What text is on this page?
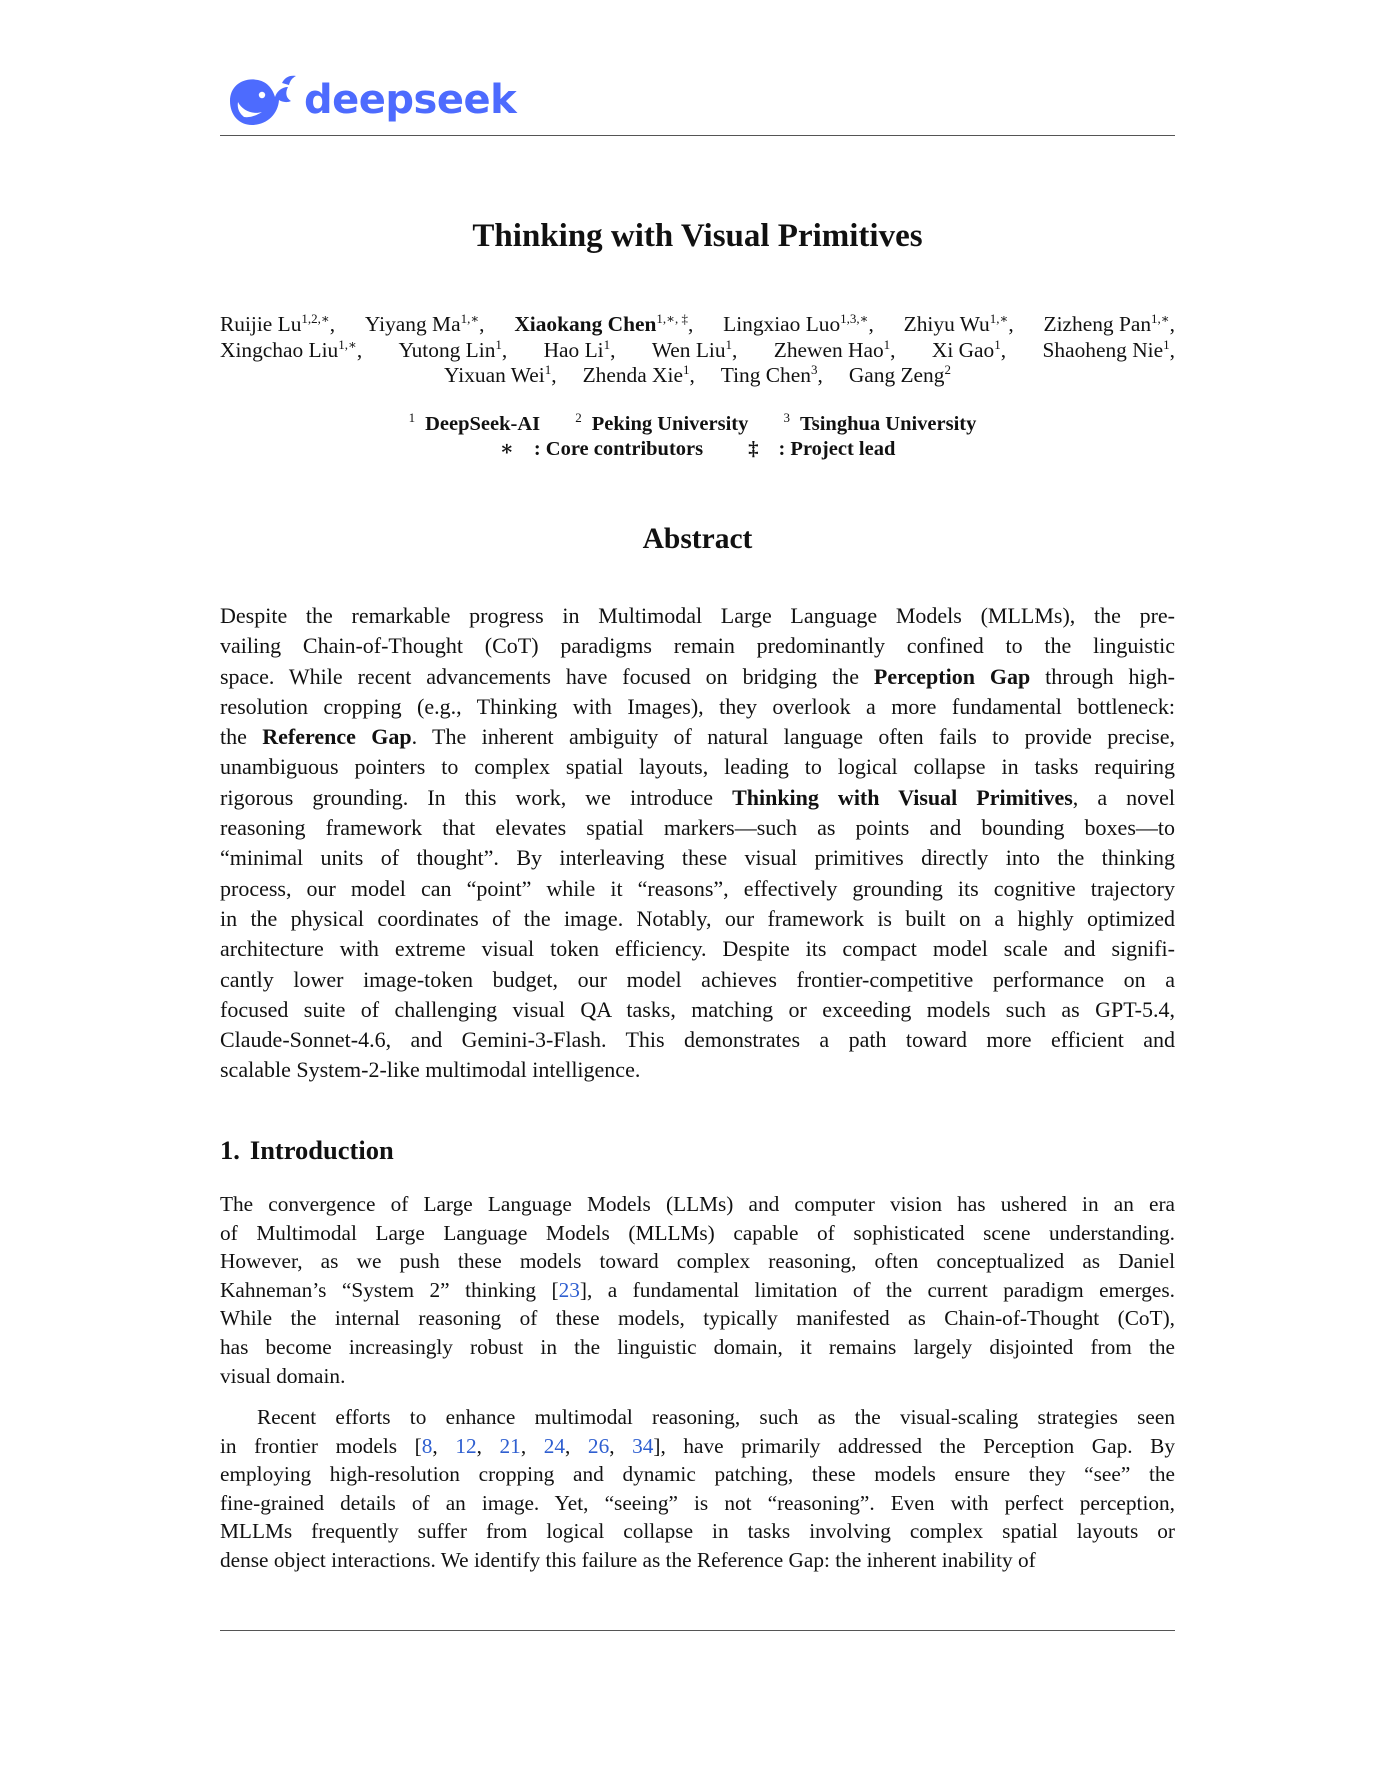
deepseek
Thinking with Visual Primitives
Ruijie $Lu^{1,2,∗}$, Yiyang $Ma^{1,∗}$, Xiaokang Chen$^{1,∗, \ddagger}$, Lingxiao Luo$^{1,3,∗}$, Zhiyu $Wu^{1,∗}$, Zizheng Pan$^{1,∗}$,
Xingchao Liu$^{1,∗}$, Yutong Lin$^1$, Hao Li$^1$, Wen Liu$^1$, Zhewen Hao$^1$, Xi Gao$^1$, Shaoheng Nie$^1$,
Yixuan Wei$^1$, Zhenda Xie$^1$, Ting Chen$^3$, Gang Zeng$^2$
$^1$ DeepSeek-AI	$^2$ Peking University	$^3$ Tsinghua University
∗ : Core contributors ‡ : Project lead
Abstract
Despite the remarkable progress in Multimodal Large Language Models (MLLMs), the pre-
vailing Chain-of-Thought (CoT) paradigms remain predominantly confined to the linguistic
space. While recent advancements have focused on bridging the Perception Gap through high-
resolution cropping (e.g., Thinking with Images), they overlook a more fundamental bottleneck:
the Reference Gap. The inherent ambiguity of natural language often fails to provide precise,
unambiguous pointers to complex spatial layouts, leading to logical collapse in tasks requiring
rigorous grounding. In this work, we introduce Thinking with Visual Primitives, a novel
reasoning framework that elevates spatial markers—such as points and bounding boxes—to
“minimal units of thought”. By interleaving these visual primitives directly into the thinking
process, our model can “point” while it “reasons”, effectively grounding its cognitive trajectory
in the physical coordinates of the image. Notably, our framework is built on a highly optimized
architecture with extreme visual token efficiency. Despite its compact model scale and signifi-
cantly lower image-token budget, our model achieves frontier-competitive performance on a
focused suite of challenging visual QA tasks, matching or exceeding models such as GPT-5.4,
Claude-Sonnet-4.6, and Gemini-3-Flash. This demonstrates a path toward more efficient and
scalable System-2-like multimodal intelligence.
1. Introduction
The convergence of Large Language Models (LLMs) and computer vision has ushered in an era
of Multimodal Large Language Models (MLLMs) capable of sophisticated scene understanding.
However, as we push these models toward complex reasoning, often conceptualized as Daniel
Kahneman’s “System 2” thinking [23], a fundamental limitation of the current paradigm emerges.
While the internal reasoning of these models, typically manifested as Chain-of-Thought (CoT),
has become increasingly robust in the linguistic domain, it remains largely disjointed from the
visual domain.
Recent efforts to enhance multimodal reasoning, such as the visual-scaling strategies seen
in frontier models [8, 12, 21, 24, 26, 34], have primarily addressed the Perception Gap. By
employing high-resolution cropping and dynamic patching, these models ensure they “see” the
fine-grained details of an image. Yet, “seeing” is not “reasoning”. Even with perfect perception,
MLLMs frequently suffer from logical collapse in tasks involving complex spatial layouts or
dense object interactions. We identify this failure as the Reference Gap: the inherent inability of
